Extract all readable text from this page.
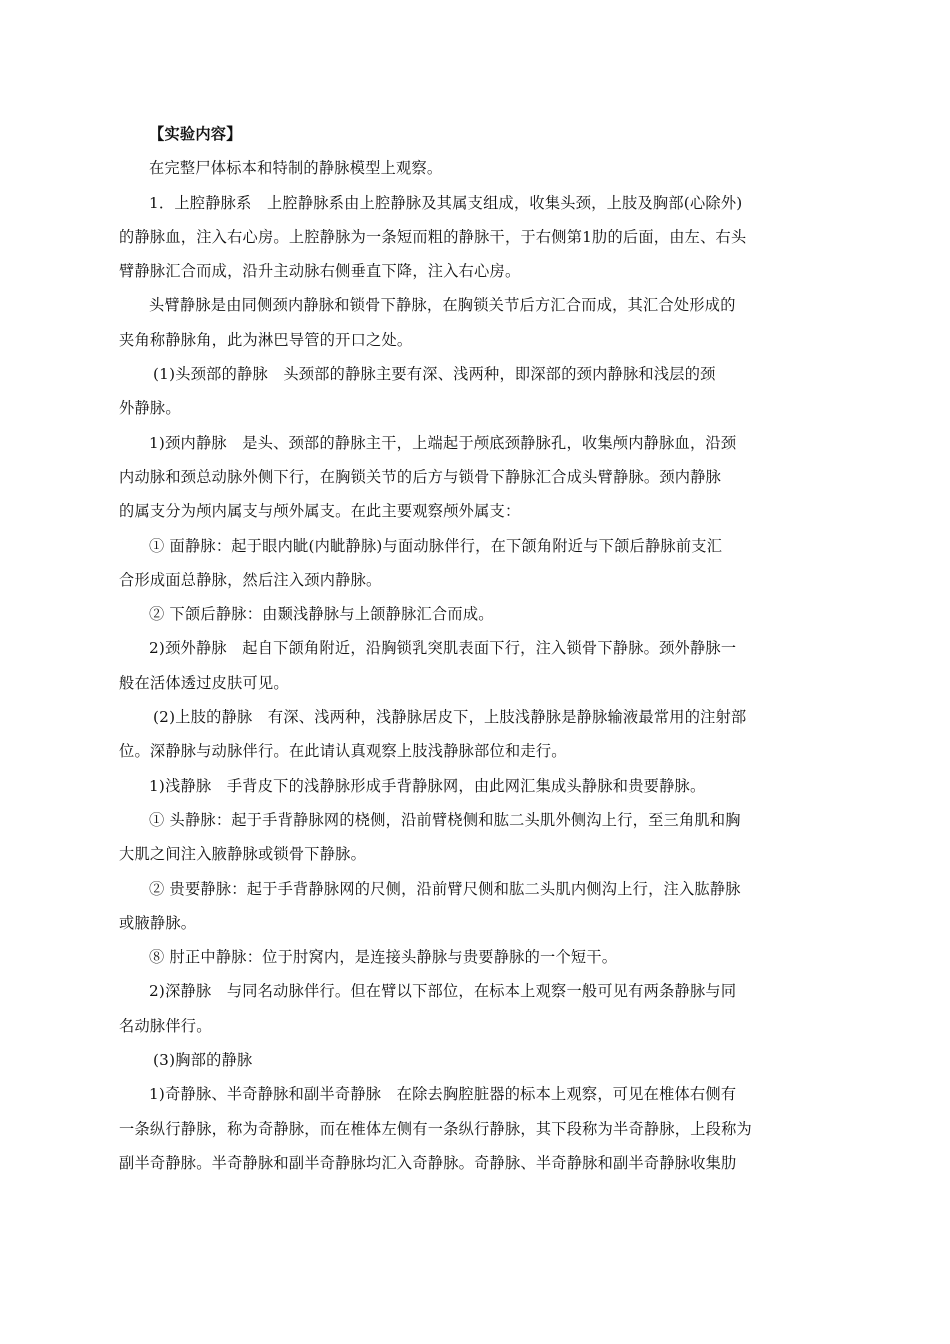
【实验内容】
在完整尸体标本和特制的静脉模型上观察。
1．上腔静脉系　上腔静脉系由上腔静脉及其属支组成，收集头颈，上肢及胸部(心除外)
的静脉血，注入右心房。上腔静脉为一条短而粗的静脉干，于右侧第1肋的后面，由左、右头
臂静脉汇合而成，沿升主动脉右侧垂直下降，注入右心房。
头臂静脉是由同侧颈内静脉和锁骨下静脉，在胸锁关节后方汇合而成，其汇合处形成的
夹角称静脉角，此为淋巴导管的开口之处。
(1)头颈部的静脉　头颈部的静脉主要有深、浅两种，即深部的颈内静脉和浅层的颈
外静脉。
1)颈内静脉　是头、颈部的静脉主干，上端起于颅底颈静脉孔，收集颅内静脉血，沿颈
内动脉和颈总动脉外侧下行，在胸锁关节的后方与锁骨下静脉汇合成头臂静脉。颈内静脉
的属支分为颅内属支与颅外属支。在此主要观察颅外属支：
① 面静脉：起于眼内眦(内眦静脉)与面动脉伴行，在下颌角附近与下颌后静脉前支汇
合形成面总静脉，然后注入颈内静脉。
② 下颌后静脉：由颞浅静脉与上颌静脉汇合而成。
2)颈外静脉　起自下颌角附近，沿胸锁乳突肌表面下行，注入锁骨下静脉。颈外静脉一
般在活体透过皮肤可见。
(2)上肢的静脉　有深、浅两种，浅静脉居皮下，上肢浅静脉是静脉输液最常用的注射部
位。深静脉与动脉伴行。在此请认真观察上肢浅静脉部位和走行。
1)浅静脉　手背皮下的浅静脉形成手背静脉网，由此网汇集成头静脉和贵要静脉。
① 头静脉：起于手背静脉网的桡侧，沿前臂桡侧和肱二头肌外侧沟上行，至三角肌和胸
大肌之间注入腋静脉或锁骨下静脉。
② 贵要静脉：起于手背静脉网的尺侧，沿前臂尺侧和肱二头肌内侧沟上行，注入肱静脉
或腋静脉。
⑧ 肘正中静脉：位于肘窝内，是连接头静脉与贵要静脉的一个短干。
2)深静脉　与同名动脉伴行。但在臂以下部位，在标本上观察一般可见有两条静脉与同
名动脉伴行。
(3)胸部的静脉
1)奇静脉、半奇静脉和副半奇静脉　在除去胸腔脏器的标本上观察，可见在椎体右侧有
一条纵行静脉，称为奇静脉，而在椎体左侧有一条纵行静脉，其下段称为半奇静脉，上段称为
副半奇静脉。半奇静脉和副半奇静脉均汇入奇静脉。奇静脉、半奇静脉和副半奇静脉收集肋
